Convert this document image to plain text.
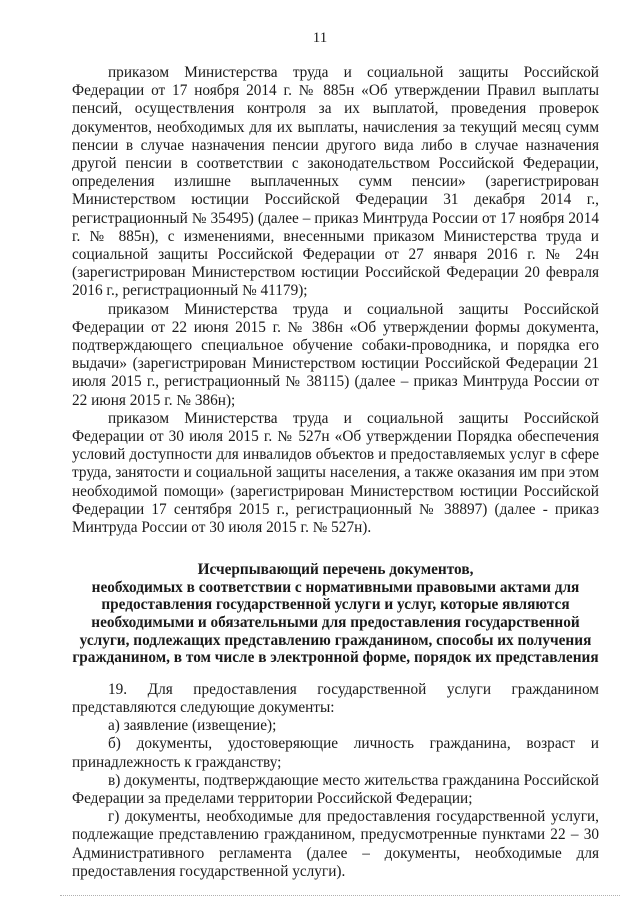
11

приказом Министерства труда и социальной защиты Российской Федерации от 17 ноября 2014 г. № 885н «Об утверждении Правил выплаты пенсий, осуществления контроля за их выплатой, проведения проверок документов, необходимых для их выплаты, начисления за текущий месяц сумм пенсии в случае назначения пенсии другого вида либо в случае назначения другой пенсии в соответствии с законодательством Российской Федерации, определения излишне выплаченных сумм пенсии» (зарегистрирован Министерством юстиции Российской Федерации 31 декабря 2014 г., регистрационный № 35495) (далее – приказ Минтруда России от 17 ноября 2014 г. № 885н), с изменениями, внесенными приказом Министерства труда и социальной защиты Российской Федерации от 27 января 2016 г. № 24н (зарегистрирован Министерством юстиции Российской Федерации 20 февраля 2016 г., регистрационный № 41179);

приказом Министерства труда и социальной защиты Российской Федерации от 22 июня 2015 г. № 386н «Об утверждении формы документа, подтверждающего специальное обучение собаки-проводника, и порядка его выдачи» (зарегистрирован Министерством юстиции Российской Федерации 21 июля 2015 г., регистрационный № 38115) (далее – приказ Минтруда России от 22 июня 2015 г. № 386н);

приказом Министерства труда и социальной защиты Российской Федерации от 30 июля 2015 г. № 527н «Об утверждении Порядка обеспечения условий доступности для инвалидов объектов и предоставляемых услуг в сфере труда, занятости и социальной защиты населения, а также оказания им при этом необходимой помощи» (зарегистрирован Министерством юстиции Российской Федерации 17 сентября 2015 г., регистрационный № 38897) (далее - приказ Минтруда России от 30 июля 2015 г. № 527н).

Исчерпывающий перечень документов,
необходимых в соответствии с нормативными правовыми актами для
предоставления государственной услуги и услуг, которые являются
необходимыми и обязательными для предоставления государственной
услуги, подлежащих представлению гражданином, способы их получения
гражданином, в том числе в электронной форме, порядок их представления

19. Для предоставления государственной услуги гражданином представляются следующие документы:

а) заявление (извещение);

б) документы, удостоверяющие личность гражданина, возраст и принадлежность к гражданству;

в) документы, подтверждающие место жительства гражданина Российской Федерации за пределами территории Российской Федерации;

г) документы, необходимые для предоставления государственной услуги, подлежащие представлению гражданином, предусмотренные пунктами 22 – 30 Административного регламента (далее – документы, необходимые для предоставления государственной услуги).
